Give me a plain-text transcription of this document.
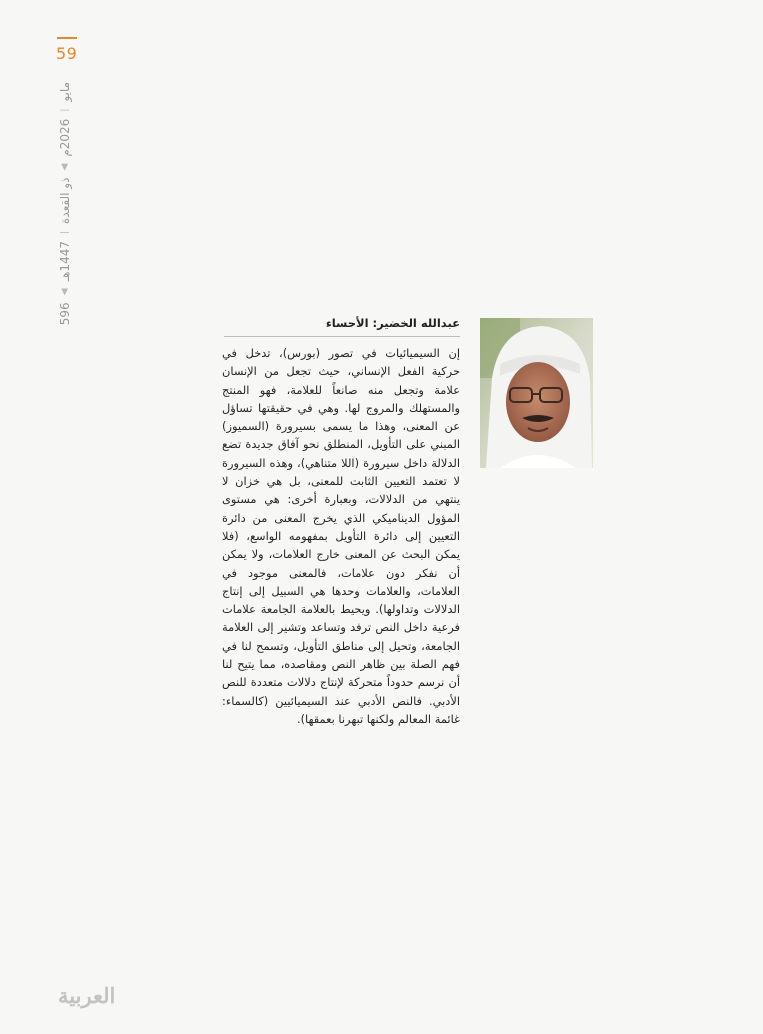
59
596
◀
1447هـ
|
ذو القعدة
◀
2026م
|
مايو

عبدالله الخضير: الأحساء

إن السيميائيات في تصور (بورس)، تدخل في حركية الفعل الإنساني، حيث تجعل من الإنسان علامة وتجعل منه صانعاً للعلامة، فهو المنتج والمستهلك والمروج لها. وهي في حقيقتها تساؤل عن المعنى، وهذا ما يسمى بسيرورة (السميوز) المبني على التأويل، المنطلق نحو آفاق جديدة تضع الدلالة داخل سيرورة (اللا متناهي)، وهذه السيرورة لا تعتمد التعيين الثابت للمعنى، بل هي خزان لا ينتهي من الدلالات، وبعبارة أخرى: هي مستوى المؤول الديناميكي الذي يخرج المعنى من دائرة التعيين إلى دائرة التأويل بمفهومه الواسع، (فلا يمكن البحث عن المعنى خارج العلامات، ولا يمكن أن نفكر دون علامات، فالمعنى موجود في العلامات، والعلامات وحدها هي السبيل إلى إنتاج الدلالات وتداولها). ويحيط بالعلامة الجامعة علامات فرعية داخل النص ترفد وتساعد وتشير إلى العلامة الجامعة، وتحيل إلى مناطق التأويل، وتسمح لنا في فهم الصلة بين ظاهر النص ومقاصده، مما يتيح لنا أن نرسم حدوداً متحركة لإنتاج دلالات متعددة للنص الأدبي. فالنص الأدبي عند السيميائيين (كالسماء: غائمة المعالم ولكنها تبهرنا بعمقها).

العربية
